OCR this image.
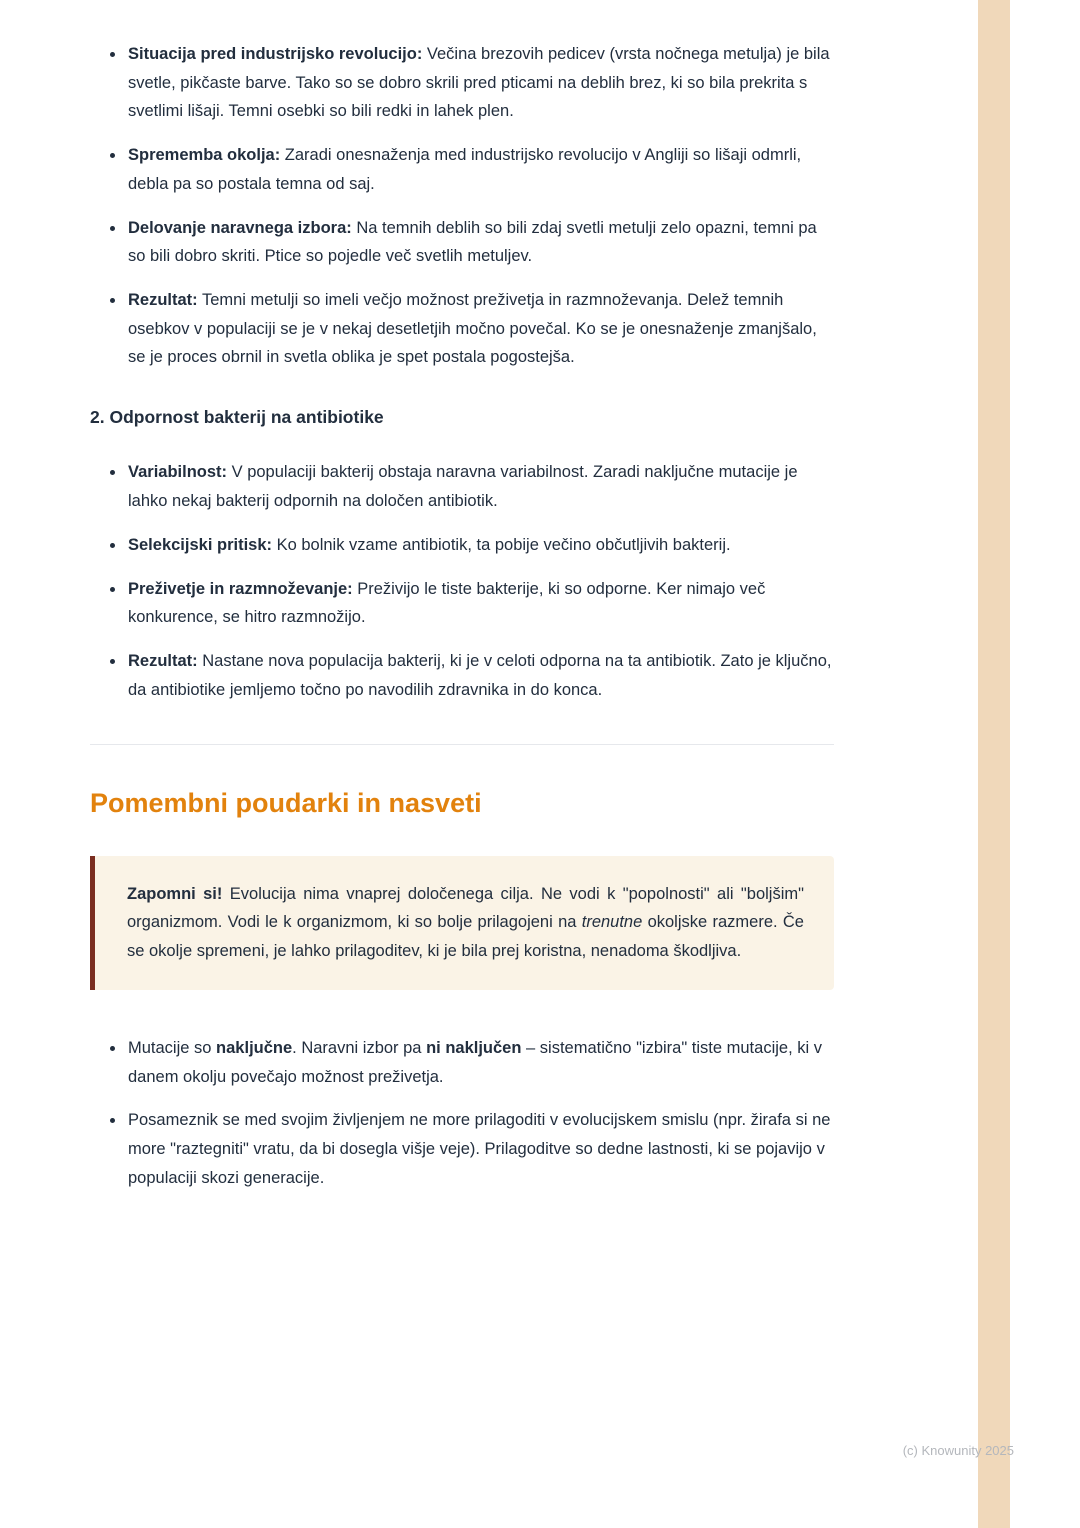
• Situacija pred industrijsko revolucijo: Večina brezovih pedicev (vrsta nočnega metulja) je bila svetle, pikčaste barve. Tako so se dobro skrili pred pticami na deblih brez, ki so bila prekrita s svetlimi lišaji. Temni osebki so bili redki in lahek plen.
• Sprememba okolja: Zaradi onesnaženja med industrijsko revolucijo v Angliji so lišaji odmrli, debla pa so postala temna od saj.
• Delovanje naravnega izbora: Na temnih deblih so bili zdaj svetli metulji zelo opazni, temni pa so bili dobro skriti. Ptice so pojedle več svetlih metuljev.
• Rezultat: Temni metulji so imeli večjo možnost preživetja in razmnoževanja. Delež temnih osebkov v populaciji se je v nekaj desetletjih močno povečal. Ko se je onesnaženje zmanjšalo, se je proces obrnil in svetla oblika je spet postala pogostejša.
2. Odpornost bakterij na antibiotike
• Variabilnost: V populaciji bakterij obstaja naravna variabilnost. Zaradi naključne mutacije je lahko nekaj bakterij odpornih na določen antibiotik.
• Selekcijski pritisk: Ko bolnik vzame antibiotik, ta pobije večino občutljivih bakterij.
• Preživetje in razmnoževanje: Preživijo le tiste bakterije, ki so odporne. Ker nimajo več konkurence, se hitro razmnožijo.
• Rezultat: Nastane nova populacija bakterij, ki je v celoti odporna na ta antibiotik. Zato je ključno, da antibiotike jemljemo točno po navodilih zdravnika in do konca.
Pomembni poudarki in nasveti
Zapomni si! Evolucija nima vnaprej določenega cilja. Ne vodi k "popolnosti" ali "boljšim" organizmom. Vodi le k organizmom, ki so bolje prilagojeni na trenutne okoljske razmere. Če se okolje spremeni, je lahko prilagoditev, ki je bila prej koristna, nenadoma škodljiva.
• Mutacije so naključne. Naravni izbor pa ni naključen – sistematično "izbira" tiste mutacije, ki v danem okolju povečajo možnost preživetja.
• Posameznik se med svojim življenjem ne more prilagoditi v evolucijskem smislu (npr. žirafa si ne more "raztegniti" vratu, da bi dosegla višje veje). Prilagoditve so dedne lastnosti, ki se pojavijo v populaciji skozi generacije.
(c) Knowunity 2025
